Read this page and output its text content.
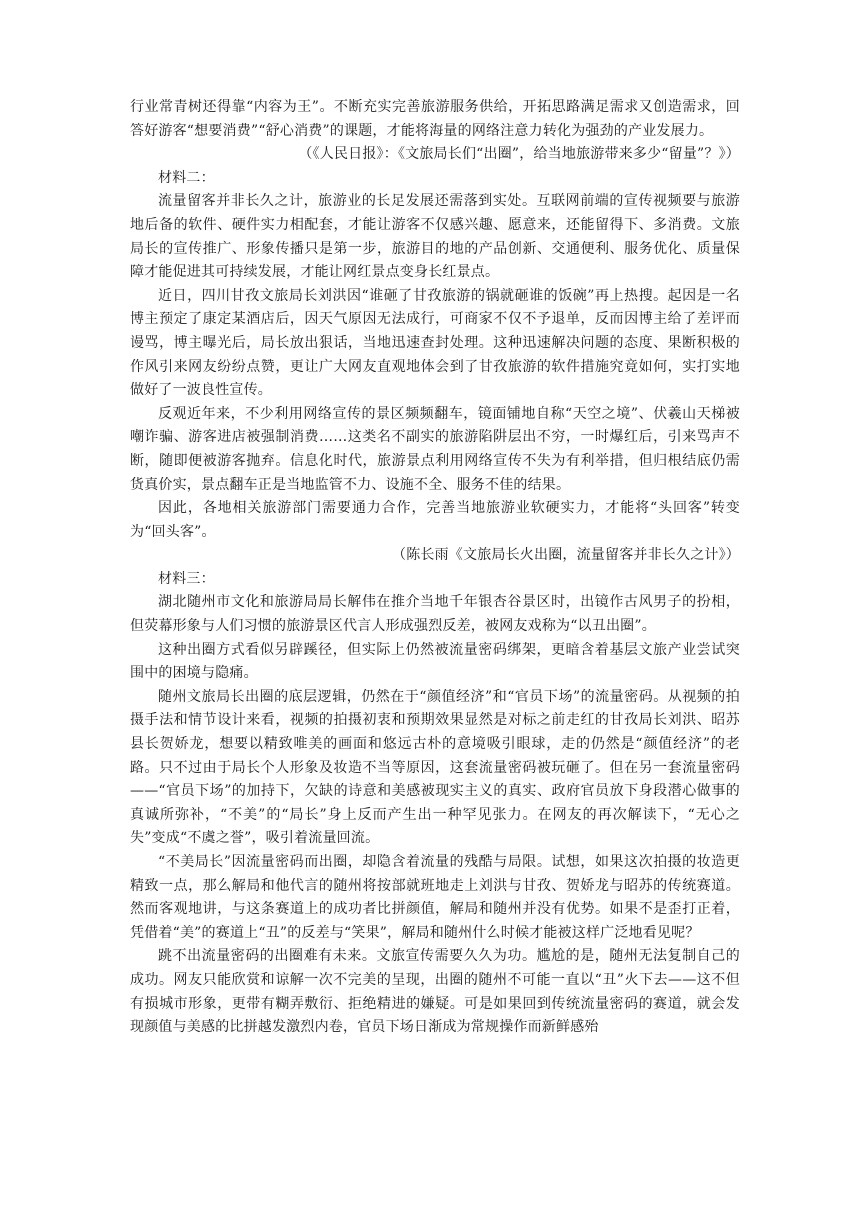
行业常青树还得靠“内容为王”。不断充实完善旅游服务供给，开拓思路满足需求又创造需求，回答好游客“想要消费”“舒心消费”的课题，才能将海量的网络注意力转化为强劲的产业发展力。

（《人民日报》：《文旅局长们“出圈”，给当地旅游带来多少“留量”？》）

材料二：

流量留客并非长久之计，旅游业的长足发展还需落到实处。互联网前端的宣传视频要与旅游地后备的软件、硬件实力相配套，才能让游客不仅感兴趣、愿意来，还能留得下、多消费。文旅局长的宣传推广、形象传播只是第一步，旅游目的地的产品创新、交通便利、服务优化、质量保障才能促进其可持续发展，才能让网红景点变身长红景点。

近日，四川甘孜文旅局长刘洪因“谁砸了甘孜旅游的锅就砸谁的饭碗”再上热搜。起因是一名博主预定了康定某酒店后，因天气原因无法成行，可商家不仅不予退单，反而因博主给了差评而谩骂，博主曝光后，局长放出狠话，当地迅速查封处理。这种迅速解决问题的态度、果断积极的作风引来网友纷纷点赞，更让广大网友直观地体会到了甘孜旅游的软件措施究竟如何，实打实地做好了一波良性宣传。

反观近年来，不少利用网络宣传的景区频频翻车，镜面铺地自称“天空之境”、伏羲山天梯被嘲诈骗、游客进店被强制消费……这类名不副实的旅游陷阱层出不穷，一时爆红后，引来骂声不断，随即便被游客抛弃。信息化时代，旅游景点利用网络宣传不失为有利举措，但归根结底仍需货真价实，景点翻车正是当地监管不力、设施不全、服务不佳的结果。

因此，各地相关旅游部门需要通力合作，完善当地旅游业软硬实力，才能将“头回客”转变为“回头客”。

（陈长雨《文旅局长火出圈，流量留客并非长久之计》）

材料三：

湖北随州市文化和旅游局局长解伟在推介当地千年银杏谷景区时，出镜作古风男子的扮相，但荧幕形象与人们习惯的旅游景区代言人形成强烈反差，被网友戏称为“以丑出圈”。

这种出圈方式看似另辟蹊径，但实际上仍然被流量密码绑架，更暗含着基层文旅产业尝试突围中的困境与隐痛。

随州文旅局长出圈的底层逻辑，仍然在于“颜值经济”和“官员下场”的流量密码。从视频的拍摄手法和情节设计来看，视频的拍摄初衷和预期效果显然是对标之前走红的甘孜局长刘洪、昭苏县长贺娇龙，想要以精致唯美的画面和悠远古朴的意境吸引眼球，走的仍然是“颜值经济”的老路。只不过由于局长个人形象及妆造不当等原因，这套流量密码被玩砸了。但在另一套流量密码——“官员下场”的加持下，欠缺的诗意和美感被现实主义的真实、政府官员放下身段潜心做事的真诚所弥补，“不美”的“局长”身上反而产生出一种罕见张力。在网友的再次解读下，“无心之失”变成“不虞之誉”，吸引着流量回流。

“不美局长”因流量密码而出圈，却隐含着流量的残酷与局限。试想，如果这次拍摄的妆造更精致一点，那么解局和他代言的随州将按部就班地走上刘洪与甘孜、贺娇龙与昭苏的传统赛道。然而客观地讲，与这条赛道上的成功者比拼颜值，解局和随州并没有优势。如果不是歪打正着，凭借着“美”的赛道上“丑”的反差与“笑果”，解局和随州什么时候才能被这样广泛地看见呢？

跳不出流量密码的出圈难有未来。文旅宣传需要久久为功。尴尬的是，随州无法复制自己的成功。网友只能欣赏和谅解一次不完美的呈现，出圈的随州不可能一直以“丑”火下去——这不但有损城市形象，更带有糊弄敷衍、拒绝精进的嫌疑。可是如果回到传统流量密码的赛道，就会发现颜值与美感的比拼越发激烈内卷，官员下场日渐成为常规操作而新鲜感殆
